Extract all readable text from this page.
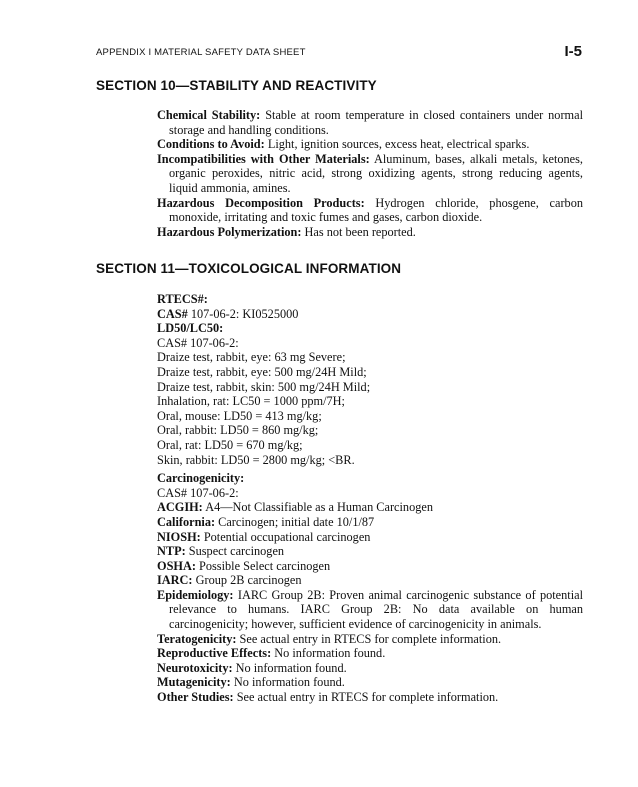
APPENDIX I MATERIAL SAFETY DATA SHEET	I-5
SECTION 10—STABILITY AND REACTIVITY

Chemical Stability: Stable at room temperature in closed containers under normal storage and handling conditions.

Conditions to Avoid: Light, ignition sources, excess heat, electrical sparks.

Incompatibilities with Other Materials: Aluminum, bases, alkali metals, ketones, organic peroxides, nitric acid, strong oxidizing agents, strong reducing agents, liquid ammonia, amines.

Hazardous Decomposition Products: Hydrogen chloride, phosgene, carbon monoxide, irritating and toxic fumes and gases, carbon dioxide.

Hazardous Polymerization: Has not been reported.

SECTION 11—TOXICOLOGICAL INFORMATION

RTECS#:

CAS# 107-06-2: KI0525000

LD50/LC50:

CAS# 107-06-2:

Draize test, rabbit, eye: 63 mg Severe;

Draize test, rabbit, eye: 500 mg/24H Mild;

Draize test, rabbit, skin: 500 mg/24H Mild;

Inhalation, rat: LC50 = 1000 ppm/7H;

Oral, mouse: LD50 = 413 mg/kg;

Oral, rabbit: LD50 = 860 mg/kg;

Oral, rat: LD50 = 670 mg/kg;

Skin, rabbit: LD50 = 2800 mg/kg; <BR.

Carcinogenicity:

CAS# 107-06-2:

ACGIH: A4—Not Classifiable as a Human Carcinogen

California: Carcinogen; initial date 10/1/87

NIOSH: Potential occupational carcinogen

NTP: Suspect carcinogen

OSHA: Possible Select carcinogen

IARC: Group 2B carcinogen

Epidemiology: IARC Group 2B: Proven animal carcinogenic substance of potential relevance to humans. IARC Group 2B: No data available on human carcinogenicity; however, sufficient evidence of carcinogenicity in animals.

Teratogenicity: See actual entry in RTECS for complete information.

Reproductive Effects: No information found.

Neurotoxicity: No information found.

Mutagenicity: No information found.

Other Studies: See actual entry in RTECS for complete information.
